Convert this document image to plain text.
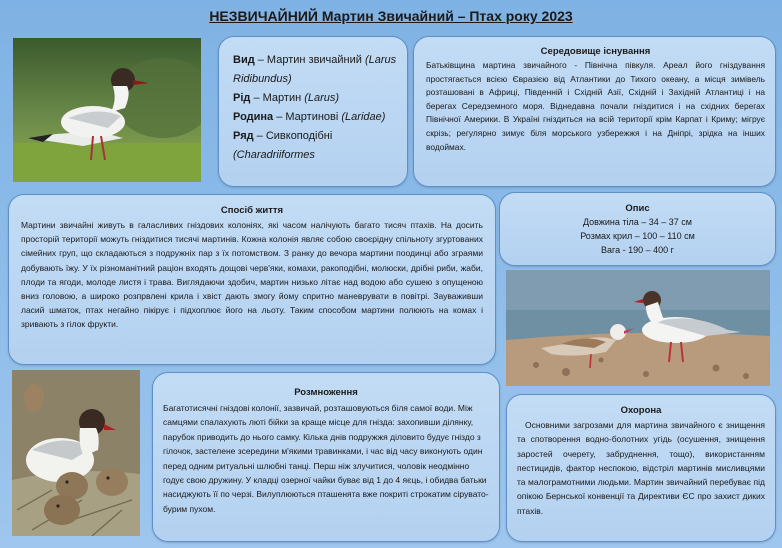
НЕЗВИЧАЙНИЙ Мартин Звичайний – Птах року 2023
Вид – Мартин звичайний (Larus Ridibundus)
Рід – Мартин (Larus)
Родина – Мартинові (Laridae)
Ряд – Сивкоподібні (Charadriiformes
Середовище існування

Батьківщина мартина звичайного - Північна півкуля. Ареал його гніздування простягається всією Євразією від Атлантики до Тихого океану, а місця зимівель розташовані в Африці, Південній і Східній Азії, Східній і Західній Атлантиці і на берегах Середземного моря. Віднедавна почали гніздитися і на східних берегах Північної Америки. В Україні гніздиться на всій території крім Карпат і Криму; мігрує скрізь; регулярно зимує біля морського узбережжя і на Дніпрі, зрідка на інших водоймах.

Спосіб життя

Мартини звичайні живуть в галасливих гніздових колоніях, які часом налічують багато тисяч птахів. На досить просторій території можуть гніздитися тисячі мартинів. Кожна колонія являє собою своєрідну спільноту згуртованих сімейних груп, що складаються з подружніх пар з їх потомством. З ранку до вечора мартини поодинці або зграями добувають їжу. У їх різноманітний раціон входять дощові черв'яки, комахи, ракоподібні, молюски, дрібні риби, жаби, плоди та ягоди, молоде листя і трава. Виглядаючи здобич, мартин низько літає над водою або сушею з опущеною вниз головою, а широко розпрвлені крила і хвіст дають змогу йому спритно маневрувати в повітрі. Зауваживши ласий шматок, птах негайно пікірує і підхоплює його на льоту. Таким способом мартини полюють на комах і зривають з гілок фрукти.

Опис
Довжина тіла – 34 – 37 см
Розмах крил – 100 – 110 см
Вага - 190 – 400 г
Розмноження

Багатотисячні гніздові колонії, зазвичай, розташовуються біля самої води. Між самцями спалахують люті бійки за краще місце для гнізда: захопивши ділянку, парубок приводить до нього самку. Кілька днів подружжя діловито будує гніздо з гілочок, застелене зсередини м'якими травинками, і час від часу виконують один перед одним ритуальні шлюбні танці. Перш ніж злучитися, чоловік неодмінно годує свою дружину. У кладці озерної чайки буває від 1 до 4 яєць, і обидва батьки насиджують її по черзі. Вилуплюються пташенята вже покриті строкатим сірувато-бурим пухом.

Охорона

Основними загрозами для мартина звичайного є знищення та спотворення водно-болотних угідь (осушення, знищення заростей очерету, забруднення, тощо), використанням пестицидів, фактор неспокою, відстріл мартинів мисливцями та малограмотними людьми. Мартин звичайний перебуває під опікою Бернської конвенції та Директиви ЄС про захист диких птахів.
